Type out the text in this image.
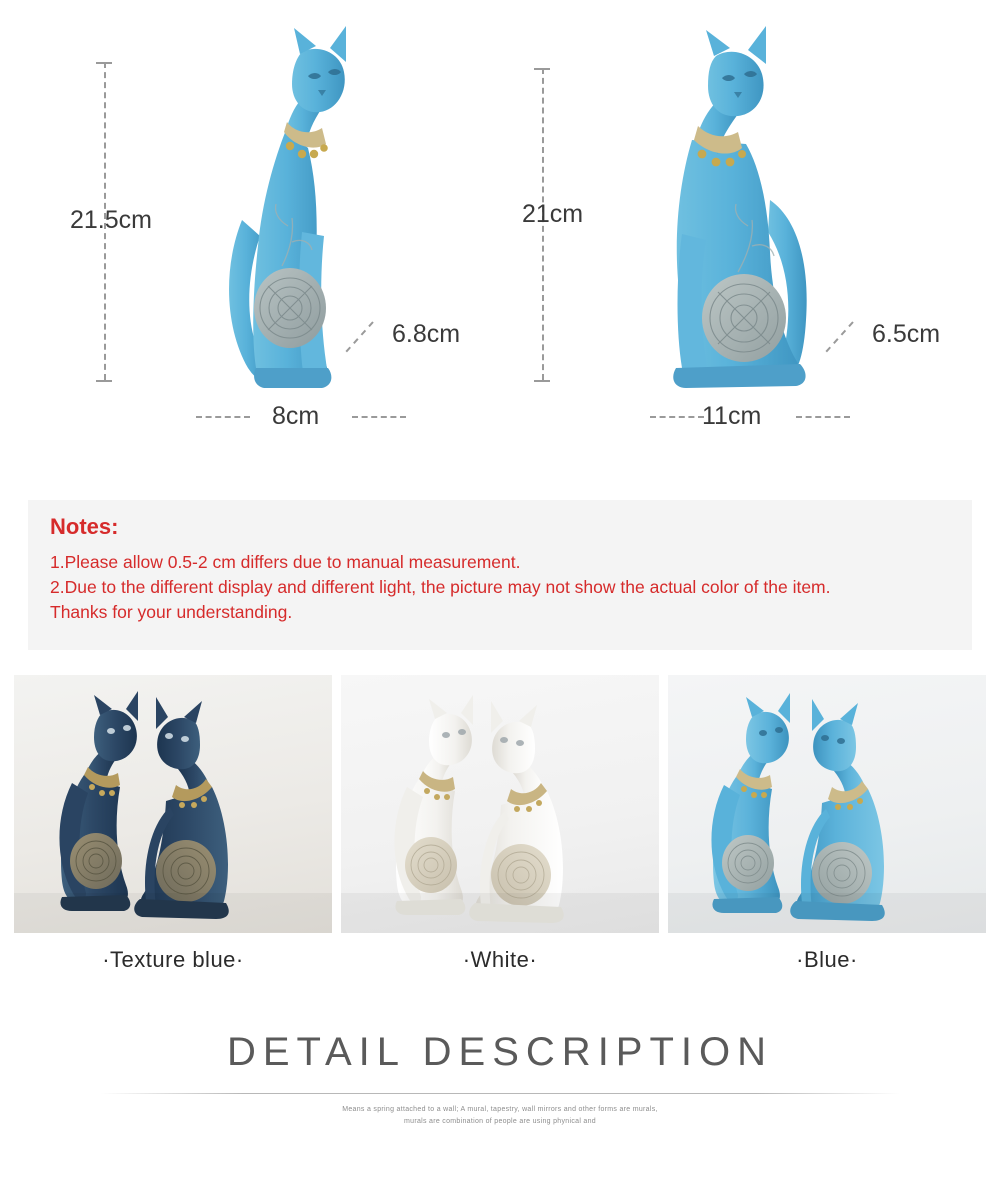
21.5cm
6.8cm
8cm
21cm
6.5cm
11cm
Notes:
1.Please allow 0.5-2 cm differs due to manual measurement.
2.Due to the different display and different light, the picture may not show the actual color of the item.
Thanks for your understanding.
·Texture blue·	·White·	·Blue·
DETAIL DESCRIPTION
Means a spring attached to a wall; A mural, tapestry, wall mirrors and other forms are murals,
murals are combination of people are using phynical and
